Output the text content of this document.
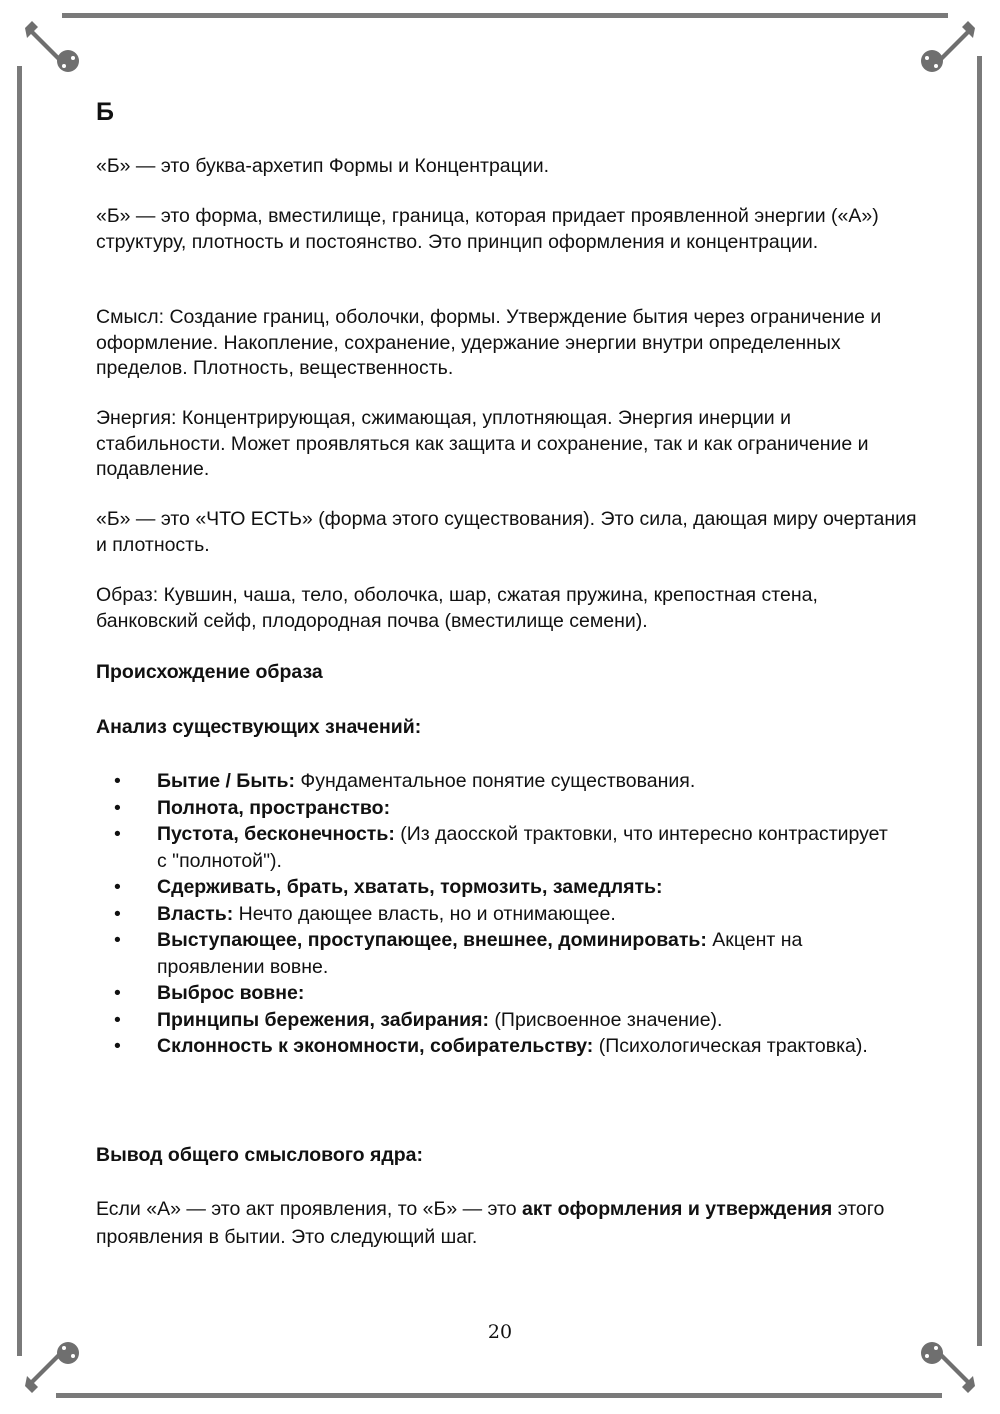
Б

«Б» — это буква-архетип Формы и Концентрации.

«Б» — это форма, вместилище, граница, которая придает проявленной энергии («А») структуру, плотность и постоянство. Это принцип оформления и концентрации.

Смысл: Создание границ, оболочки, формы. Утверждение бытия через ограничение и оформление. Накопление, сохранение, удержание энергии внутри определенных пределов. Плотность, вещественность.

Энергия: Концентрирующая, сжимающая, уплотняющая. Энергия инерции и стабильности. Может проявляться как защита и сохранение, так и как ограничение и подавление.

«Б» — это «ЧТО ЕСТЬ» (форма этого существования). Это сила, дающая миру очертания и плотность.

Образ: Кувшин, чаша, тело, оболочка, шар, сжатая пружина, крепостная стена, банковский сейф, плодородная почва (вместилище семени).

Происхождение образа
Анализ существующих значений:
• Бытие / Быть: Фундаментальное понятие существования.
• Полнота, пространство:
• Пустота, бесконечность: (Из даосской трактовки, что интересно контрастирует с "полнотой").
• Сдерживать, брать, хватать, тормозить, замедлять:
• Власть: Нечто дающее власть, но и отнимающее.
• Выступающее, проступающее, внешнее, доминировать: Акцент на проявлении вовне.
• Выброс вовне:
• Принципы бережения, забирания: (Присвоенное значение).
• Склонность к экономности, собирательству: (Психологическая трактовка).
Вывод общего смыслового ядра:

Если «А» — это акт проявления, то «Б» — это акт оформления и утверждения этого проявления в бытии. Это следующий шаг.

20
